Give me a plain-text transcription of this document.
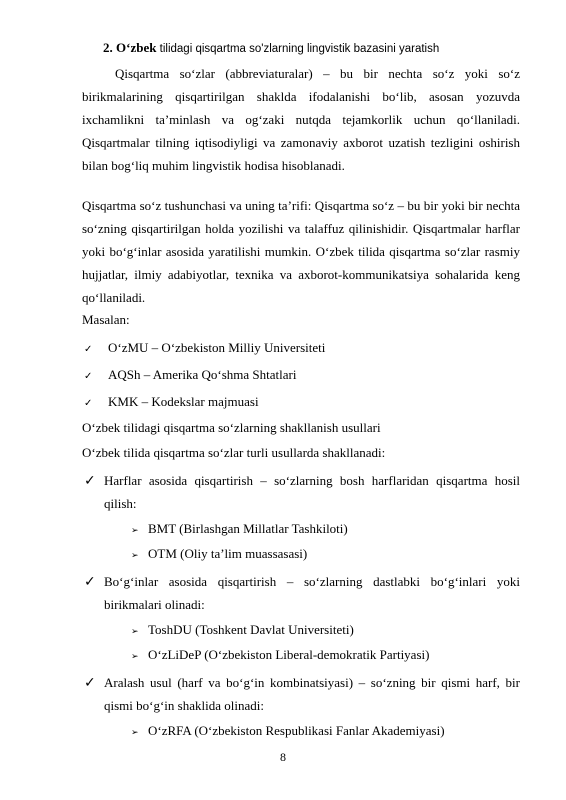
2. O‘zbek tilidagi qisqartma so'zlarning lingvistik bazasini yaratish
Qisqartma so‘zlar (abbreviaturalar) – bu bir nechta so‘z yoki so‘z
birikmalarining qisqartirilgan shaklda ifodalanishi bo‘lib, asosan yozuvda
ixchamlikni ta’minlash va og‘zaki nutqda tejamkorlik uchun qo‘llaniladi.
Qisqartmalar tilning iqtisodiyligi va zamonaviy axborot uzatish tezligini oshirish
bilan bog‘liq muhim lingvistik hodisa hisoblanadi.
Qisqartma so‘z tushunchasi va uning ta’rifi: Qisqartma so‘z – bu bir yoki bir nechta
so‘zning qisqartirilgan holda yozilishi va talaffuz qilinishidir. Qisqartmalar harflar
yoki bo‘g‘inlar asosida yaratilishi mumkin. O‘zbek tilida qisqartma so‘zlar rasmiy
hujjatlar, ilmiy adabiyotlar, texnika va axborot-kommunikatsiya sohalarida keng
qo‘llaniladi.
Masalan:
✓ O‘zMU – O‘zbekiston Milliy Universiteti
✓ AQSh – Amerika Qo‘shma Shtatlari
✓ KMK – Kodekslar majmuasi
O‘zbek tilidagi qisqartma so‘zlarning shakllanish usullari
O‘zbek tilida qisqartma so‘zlar turli usullarda shakllanadi:
✓ Harflar asosida qisqartirish – so‘zlarning bosh harflaridan qisqartma hosil
qilish:
➢ BMT (Birlashgan Millatlar Tashkiloti)
➢ OTM (Oliy ta’lim muassasasi)
✓ Bo‘g‘inlar asosida qisqartirish – so‘zlarning dastlabki bo‘g‘inlari yoki
birikmalari olinadi:
➢ ToshDU (Toshkent Davlat Universiteti)
➢ O‘zLiDeP (O‘zbekiston Liberal-demokratik Partiyasi)
✓ Aralash usul (harf va bo‘g‘in kombinatsiyasi) – so‘zning bir qismi harf, bir
qismi bo‘g‘in shaklida olinadi:
➢ O‘zRFA (O‘zbekiston Respublikasi Fanlar Akademiyasi)
8
